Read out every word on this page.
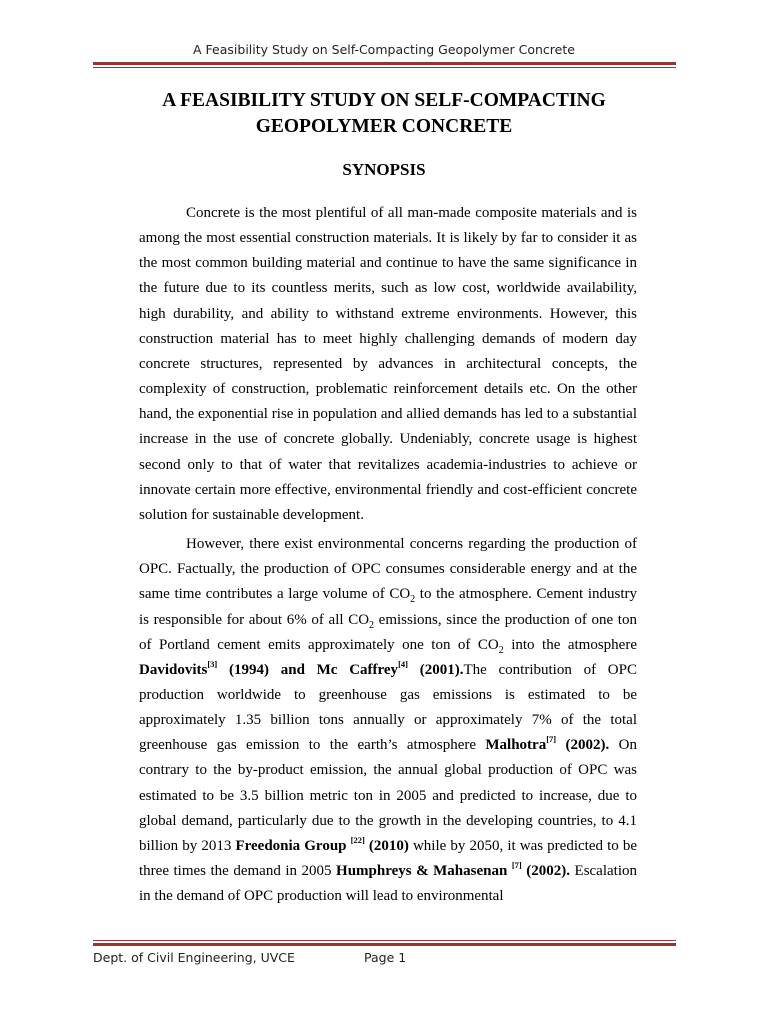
A Feasibility Study on Self-Compacting Geopolymer Concrete
A FEASIBILITY STUDY ON SELF-COMPACTING GEOPOLYMER CONCRETE
SYNOPSIS

Concrete is the most plentiful of all man-made composite materials and is among the most essential construction materials. It is likely by far to consider it as the most common building material and continue to have the same significance in the future due to its countless merits, such as low cost, worldwide availability, high durability, and ability to withstand extreme environments. However, this construction material has to meet highly challenging demands of modern day concrete structures, represented by advances in architectural concepts, the complexity of construction, problematic reinforcement details etc. On the other hand, the exponential rise in population and allied demands has led to a substantial increase in the use of concrete globally. Undeniably, concrete usage is highest second only to that of water that revitalizes academia-industries to achieve or innovate certain more effective, environmental friendly and cost-efficient concrete solution for sustainable development.

However, there exist environmental concerns regarding the production of OPC. Factually, the production of OPC consumes considerable energy and at the same time contributes a large volume of $CO_2$ to the atmosphere. Cement industry is responsible for about 6% of all $CO_2$ emissions, since the production of one ton of Portland cement emits approximately one ton of $CO_2$ into the atmosphere Davidovits[3] (1994) and Mc Caffrey[4] (2001).The contribution of OPC production worldwide to greenhouse gas emissions is estimated to be approximately 1.35 billion tons annually or approximately 7% of the total greenhouse gas emission to the earth’s atmosphere Malhotra[7] (2002). On contrary to the by-product emission, the annual global production of OPC was estimated to be 3.5 billion metric ton in 2005 and predicted to increase, due to global demand, particularly due to the growth in the developing countries, to 4.1 billion by 2013 Freedonia Group [22] (2010) while by 2050, it was predicted to be three times the demand in 2005 Humphreys & Mahasenan [7] (2002). Escalation in the demand of OPC production will lead to environmental

Dept. of Civil Engineering, UVCE	Page 1
